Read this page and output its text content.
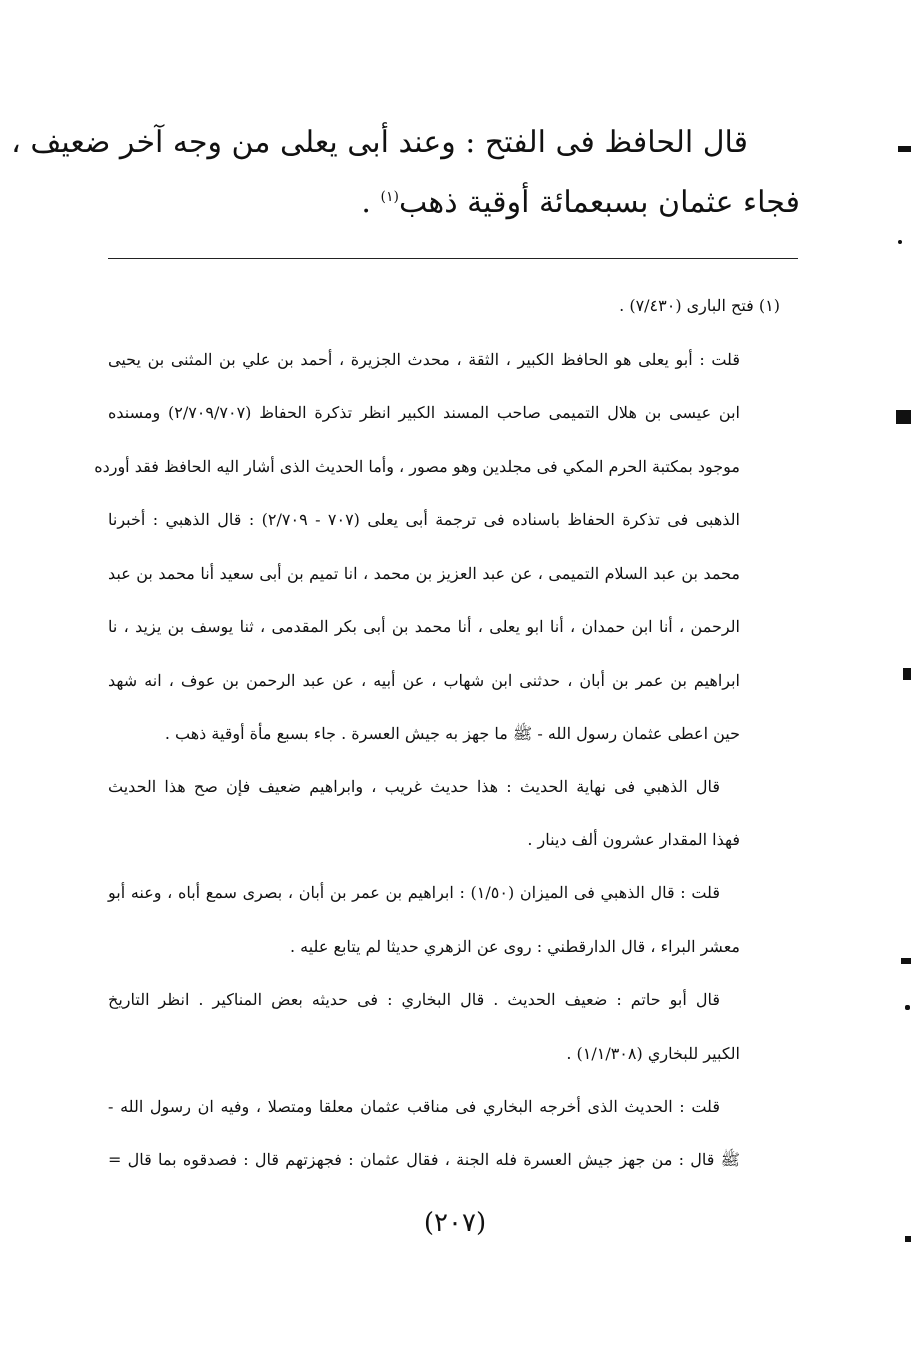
قال الحافظ فى الفتح : وعند أبى يعلى من وجه آخر ضعيف ،
فجاء عثمان بسبعمائة أوقية ذهب$^{(١)}$ .
(١) فتح البارى (٧/٤٣٠) .
قلت : أبو يعلى هو الحافظ الكبير ، الثقة ، محدث الجزيرة ، أحمد بن علي بن المثنى بن يحيى
ابن عيسى بن هلال التميمى صاحب المسند الكبير انظر تذكرة الحفاظ (٢/٧٠٩/٧٠٧) ومسنده
موجود بمكتبة الحرم المكي فى مجلدين وهو مصور ، وأما الحديث الذى أشار اليه الحافظ فقد أورده
الذهبى فى تذكرة الحفاظ باسناده فى ترجمة أبى يعلى (٧٠٧ - ٢/٧٠٩) : قال الذهبي : أخبرنا
محمد بن عبد السلام التميمى ، عن عبد العزيز بن محمد ، انا تميم بن أبى سعيد أنا محمد بن عبد
الرحمن ، أنا ابن حمدان ، أنا ابو يعلى ، أنا محمد بن أبى بكر المقدمى ، ثنا يوسف بن يزيد ، نا
ابراهيم بن عمر بن أبان ، حدثنى ابن شهاب ، عن أبيه ، عن عبد الرحمن بن عوف ، انه شهد
حين اعطى عثمان رسول الله - ﷺ ما جهز به جيش العسرة . جاء بسبع مأة أوقية ذهب .
قال الذهبي فى نهاية الحديث : هذا حديث غريب ، وابراهيم ضعيف فإن صح هذا الحديث
فهذا المقدار عشرون ألف دينار .
قلت : قال الذهبي فى الميزان (١/٥٠) : ابراهيم بن عمر بن أبان ، بصرى سمع أباه ، وعنه أبو
معشر البراء ، قال الدارقطني : روى عن الزهري حديثا لم يتابع عليه .
قال أبو حاتم : ضعيف الحديث . قال البخاري : فى حديثه بعض المناكير . انظر التاريخ
الكبير للبخاري (١/١/٣٠٨) .
قلت : الحديث الذى أخرجه البخاري فى مناقب عثمان معلقا ومتصلا ، وفيه ان رسول الله -
ﷺ قال : من جهز جيش العسرة فله الجنة ، فقال عثمان : فجهزتهم قال : فصدقوه بما قال =
(٢٠٧)
